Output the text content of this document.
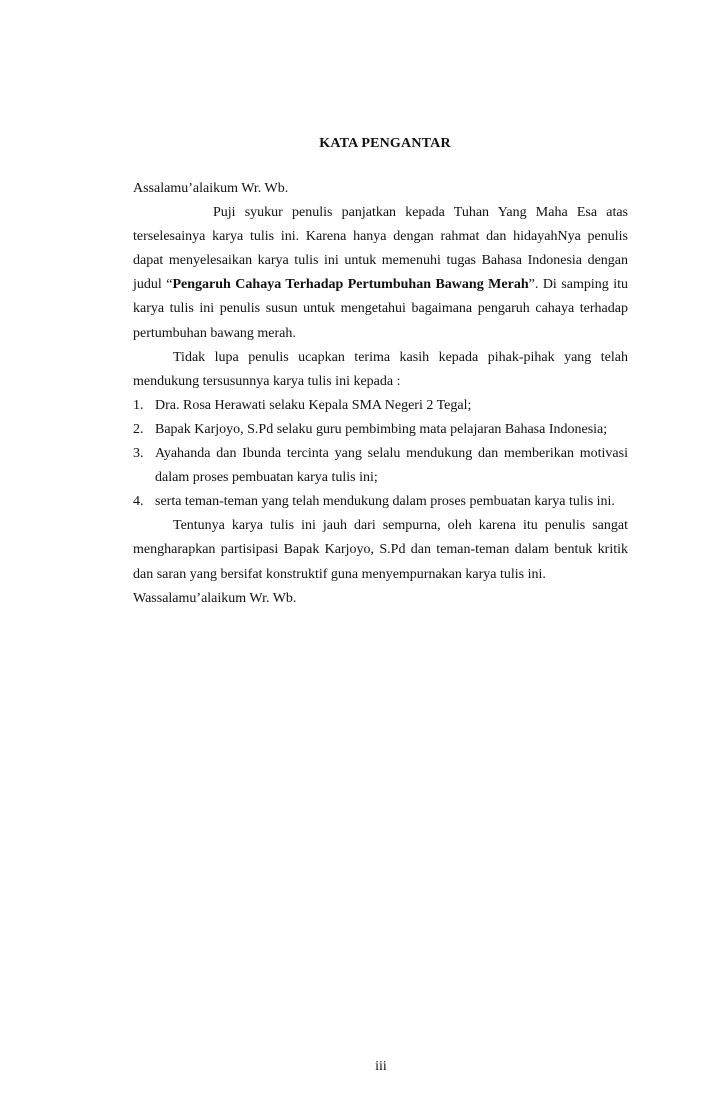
KATA PENGANTAR

Assalamu’alaikum Wr. Wb.

Puji syukur penulis panjatkan kepada Tuhan Yang Maha Esa atas terselesainya karya tulis ini. Karena hanya dengan rahmat dan hidayahNya penulis dapat menyelesaikan karya tulis ini untuk memenuhi tugas Bahasa Indonesia dengan judul “Pengaruh Cahaya Terhadap Pertumbuhan Bawang Merah”. Di samping itu karya tulis ini penulis susun untuk mengetahui bagaimana pengaruh cahaya terhadap pertumbuhan bawang merah.

Tidak lupa penulis ucapkan terima kasih kepada pihak-pihak yang telah mendukung tersusunnya karya tulis ini kepada :

1. Dra. Rosa Herawati selaku Kepala SMA Negeri 2 Tegal;
2. Bapak Karjoyo, S.Pd selaku guru pembimbing mata pelajaran Bahasa Indonesia;
3. Ayahanda dan Ibunda tercinta yang selalu mendukung dan memberikan motivasi dalam proses pembuatan karya tulis ini;
4. serta teman-teman yang telah mendukung dalam proses pembuatan karya tulis ini.

Tentunya karya tulis ini jauh dari sempurna, oleh karena itu penulis sangat mengharapkan partisipasi Bapak Karjoyo, S.Pd dan teman-teman dalam bentuk kritik dan saran yang bersifat konstruktif guna menyempurnakan karya tulis ini.

Wassalamu’alaikum Wr. Wb.

iii
